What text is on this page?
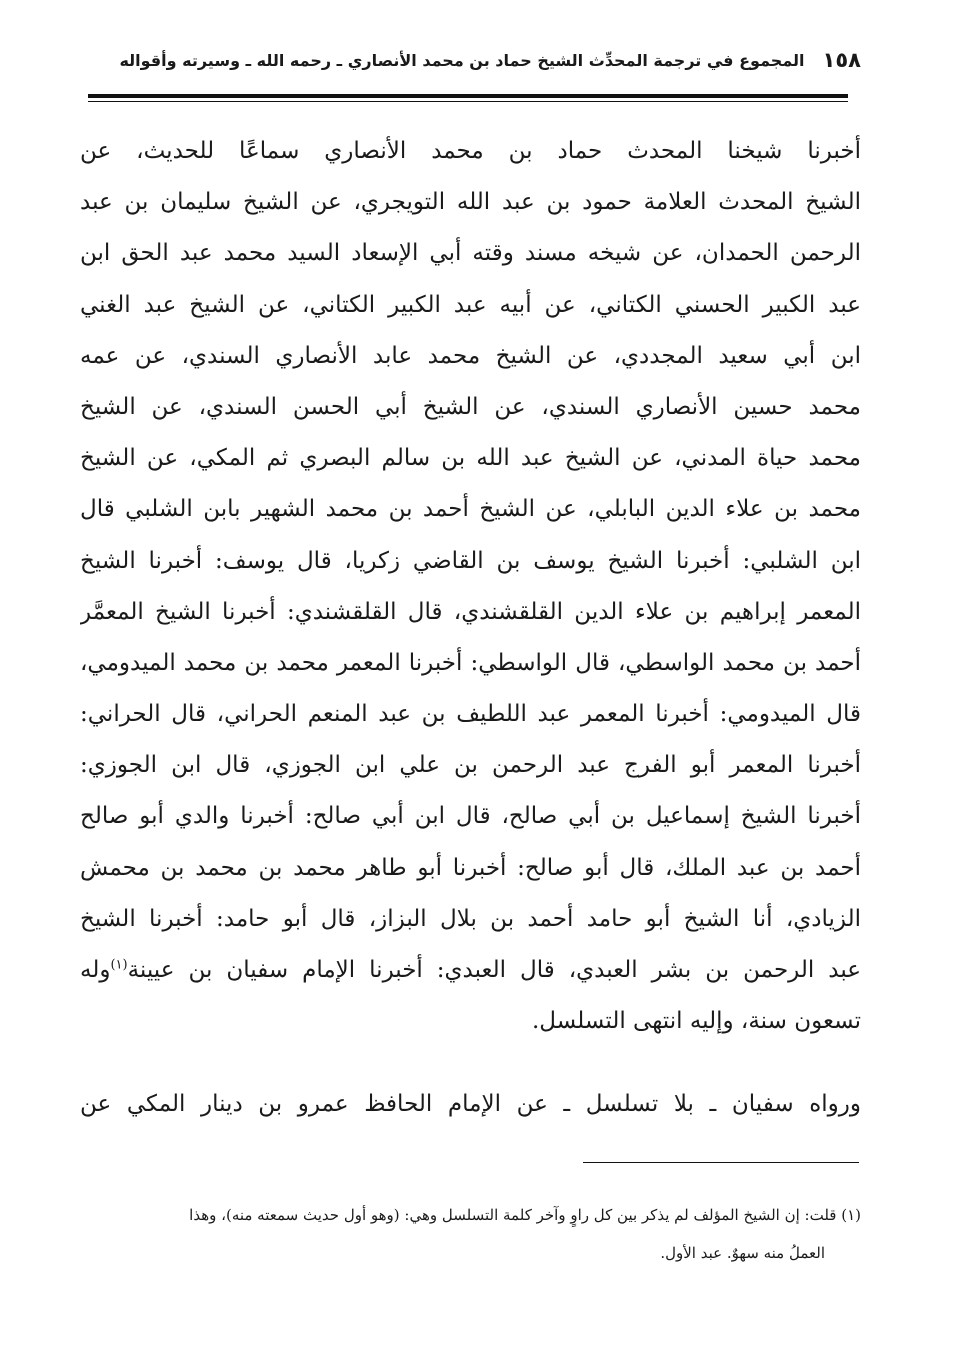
١٥٨
المجموع في ترجمة المحدِّث الشيخ حماد بن محمد الأنصاري ـ رحمه الله ـ وسيرته وأقواله
أخبرنا شيخنا المحدث حماد بن محمد الأنصاري سماعًا للحديث، عن
الشيخ المحدث العلامة حمود بن عبد الله التويجري، عن الشيخ سليمان بن عبد
الرحمن الحمدان، عن شيخه مسند وقته أبي الإسعاد السيد محمد عبد الحق ابن
عبد الكبير الحسني الكتاني، عن أبيه عبد الكبير الكتاني، عن الشيخ عبد الغني
ابن أبي سعيد المجددي، عن الشيخ محمد عابد الأنصاري السندي، عن عمه
محمد حسين الأنصاري السندي، عن الشيخ أبي الحسن السندي، عن الشيخ
محمد حياة المدني، عن الشيخ عبد الله بن سالم البصري ثم المكي، عن الشيخ
محمد بن علاء الدين البابلي، عن الشيخ أحمد بن محمد الشهير بابن الشلبي قال
ابن الشلبي: أخبرنا الشيخ يوسف بن القاضي زكريا، قال يوسف: أخبرنا الشيخ
المعمر إبراهيم بن علاء الدين القلقشندي، قال القلقشندي: أخبرنا الشيخ المعمَّر
أحمد بن محمد الواسطي، قال الواسطي: أخبرنا المعمر محمد بن محمد الميدومي،
قال الميدومي: أخبرنا المعمر عبد اللطيف بن عبد المنعم الحراني، قال الحراني:
أخبرنا المعمر أبو الفرج عبد الرحمن بن علي ابن الجوزي، قال ابن الجوزي:
أخبرنا الشيخ إسماعيل بن أبي صالح، قال ابن أبي صالح: أخبرنا والدي أبو صالح
أحمد بن عبد الملك، قال أبو صالح: أخبرنا أبو طاهر محمد بن محمد بن محمش
الزيادي، أنا الشيخ أبو حامد أحمد بن بلال البزاز، قال أبو حامد: أخبرنا الشيخ
عبد الرحمن بن بشر العبدي، قال العبدي: أخبرنا الإمام سفيان بن عيينة$^{(١)}$وله
تسعون سنة، وإليه انتهى التسلسل.
ورواه سفيان ـ بلا تسلسل ـ عن الإمام الحافظ عمرو بن دينار المكي عن
(١) قلت: إن الشيخ المؤلف لم يذكر بين كل راوٍ وآخر كلمة التسلسل وهي: (وهو أول حديث سمعته منه)، وهذا
العملُ منه سهوٌ. عبد الأول.
